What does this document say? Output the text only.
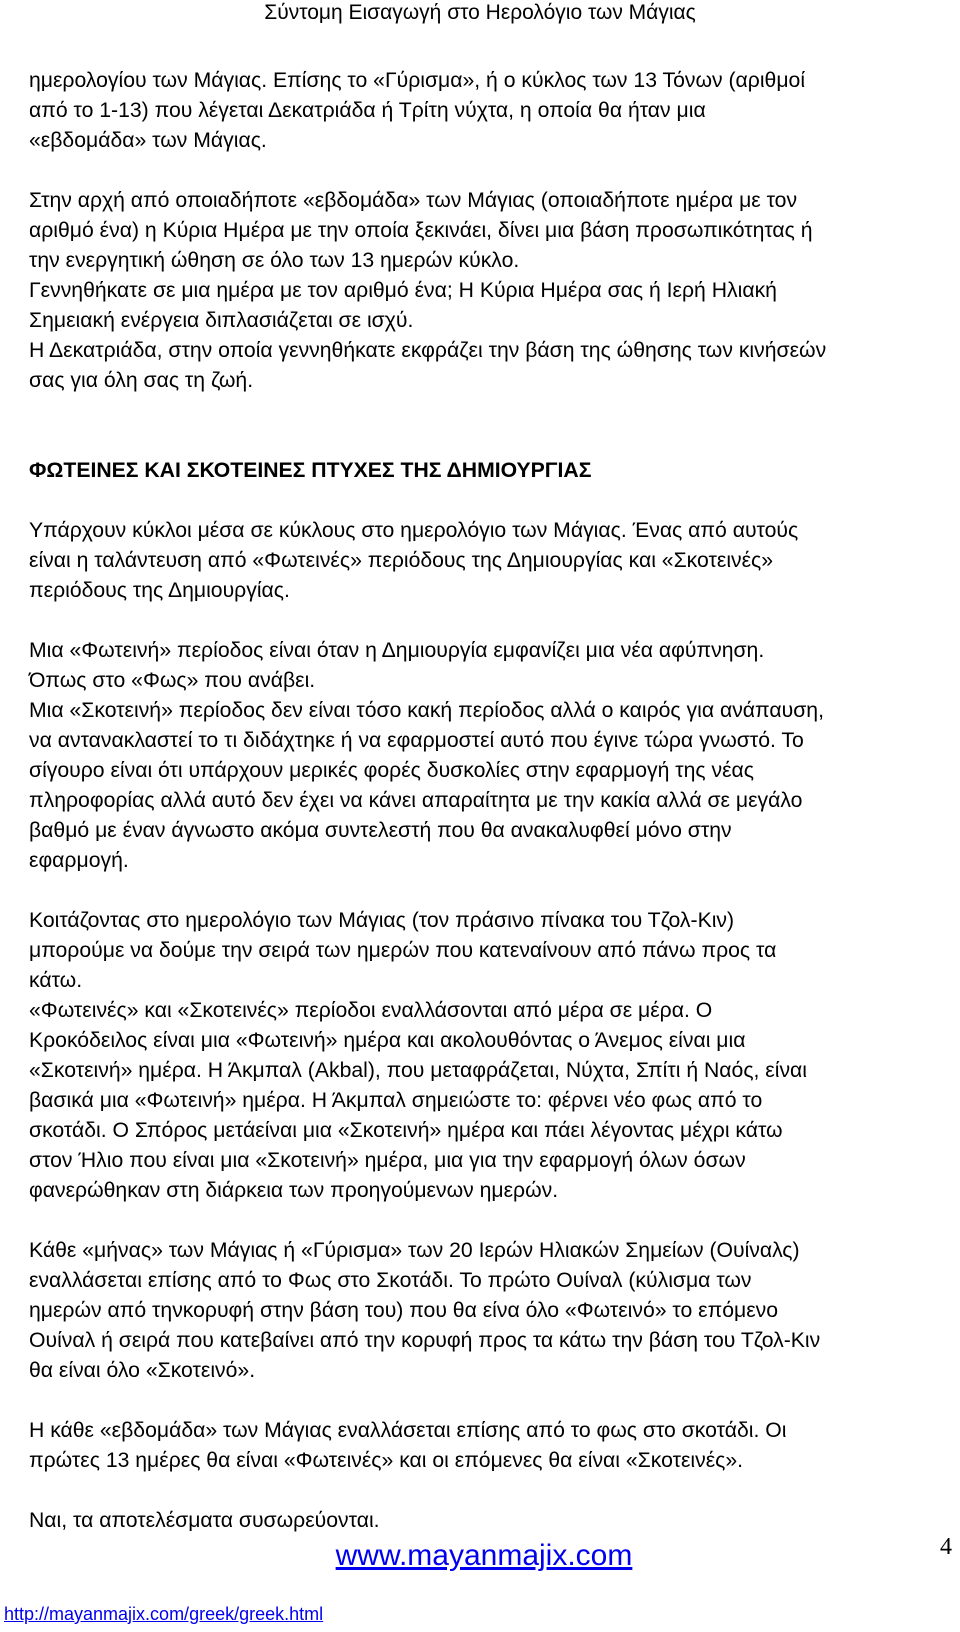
Σύντομη Εισαγωγή στο Ηερολόγιο των Μάγιας

ημερολογίου των Μάγιας. Επίσης το «Γύρισμα», ή ο κύκλος των 13 Τόνων (αριθμοί

από το 1-13) που λέγεται Δεκατριάδα ή Τρίτη νύχτα, η οποία θα ήταν μια

«εβδομάδα» των Μάγιας.

Στην αρχή από οποιαδήποτε «εβδομάδα» των Μάγιας (οποιαδήποτε ημέρα με τον

αριθμό ένα) η Κύρια Ημέρα με την οποία ξεκινάει, δίνει μια βάση προσωπικότητας ή

την ενεργητική ώθηση σε όλο των 13 ημερών κύκλο.

Γεννηθήκατε σε μια ημέρα με τον αριθμό ένα; Η Κύρια Ημέρα σας ή Ιερή Ηλιακή

Σημειακή ενέργεια διπλασιάζεται σε ισχύ.

Η Δεκατριάδα, στην οποία γεννηθήκατε εκφράζει την βάση της ώθησης των κινήσεών

σας για όλη σας τη ζωή.

ΦΩΤΕΙΝΕΣ ΚΑΙ ΣΚΟΤΕΙΝΕΣ ΠΤΥΧΕΣ ΤΗΣ ΔΗΜΙΟΥΡΓΙΑΣ

Υπάρχουν κύκλοι μέσα σε κύκλους στο ημερολόγιο των Μάγιας. Ένας από αυτούς

είναι η ταλάντευση από «Φωτεινές» περιόδους της Δημιουργίας και «Σκοτεινές»

περιόδους της Δημιουργίας.

Μια «Φωτεινή» περίοδος είναι όταν η Δημιουργία εμφανίζει μια νέα αφύπνηση.

Όπως στο «Φως» που ανάβει.

Μια «Σκοτεινή» περίοδος δεν είναι τόσο κακή περίοδος αλλά ο καιρός για ανάπαυση,

να αντανακλαστεί το τι διδάχτηκε ή να εφαρμοστεί αυτό που έγινε τώρα γνωστό. Το

σίγουρο είναι ότι υπάρχουν μερικές φορές δυσκολίες στην εφαρμογή της νέας

πληροφορίας αλλά αυτό δεν έχει να κάνει απαραίτητα με την κακία αλλά σε μεγάλο

βαθμό με έναν άγνωστο ακόμα συντελεστή που θα ανακαλυφθεί μόνο στην

εφαρμογή.

Κοιτάζοντας στο ημερολόγιο των Μάγιας (τον πράσινο πίνακα του Τζολ-Κιν)

μπορούμε να δούμε την σειρά των ημερών που κατεναίνουν από πάνω προς τα

κάτω.

«Φωτεινές» και «Σκοτεινές» περίοδοι εναλλάσονται από μέρα σε μέρα. Ο

Κροκόδειλος είναι μια «Φωτεινή» ημέρα και ακολουθόντας ο Άνεμος είναι μια

«Σκοτεινή» ημέρα. Η Άκμπαλ (Akbal), που μεταφράζεται, Νύχτα, Σπίτι ή Ναός, είναι

βασικά μια «Φωτεινή» ημέρα. Η Άκμπαλ σημειώστε το: φέρνει νέο φως από το

σκοτάδι. Ο Σπόρος μετάείναι μια «Σκοτεινή» ημέρα και πάει λέγοντας μέχρι κάτω

στον Ήλιο που είναι μια «Σκοτεινή» ημέρα, μια για την εφαρμογή όλων όσων

φανερώθηκαν στη διάρκεια των προηγούμενων ημερών.

Κάθε «μήνας» των Μάγιας ή «Γύρισμα» των 20 Ιερών Ηλιακών Σημείων (Ουίναλς)

εναλλάσεται επίσης από το Φως στο Σκοτάδι. Το πρώτο Ουίναλ (κύλισμα των

ημερών από τηνκορυφή στην βάση του) που θα είνα όλο «Φωτεινό» το επόμενο

Ουίναλ ή σειρά που κατεβαίνει από την κορυφή προς τα κάτω την βάση του Τζολ-Κιν

θα είναι όλο «Σκοτεινό».

Η κάθε «εβδομάδα» των Μάγιας εναλλάσεται επίσης από το φως στο σκοτάδι. Οι

πρώτες 13 ημέρες θα είναι «Φωτεινές» και οι επόμενες θα είναι «Σκοτεινές».

Ναι, τα αποτελέσματα συσωρεύονται.

www.mayanmajix.com	4
http://mayanmajix.com/greek/greek.html
